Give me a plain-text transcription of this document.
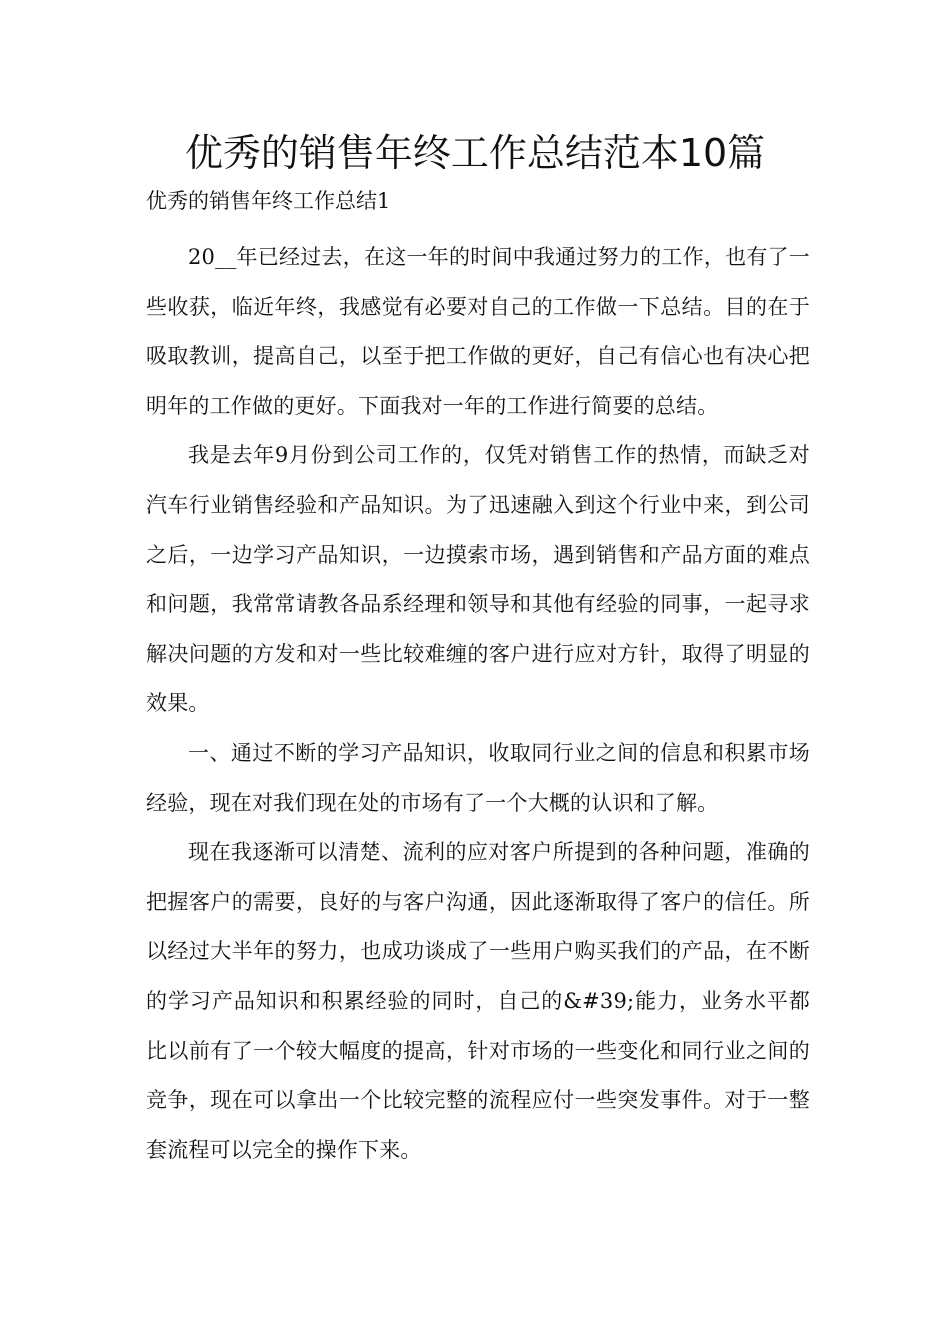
优秀的销售年终工作总结范本10篇
优秀的销售年终工作总结1

20__年已经过去，在这一年的时间中我通过努力的工作，也有了一些收获，临近年终，我感觉有必要对自己的工作做一下总结。目的在于吸取教训，提高自己，以至于把工作做的更好，自己有信心也有决心把明年的工作做的更好。下面我对一年的工作进行简要的总结。

我是去年9月份到公司工作的，仅凭对销售工作的热情，而缺乏对汽车行业销售经验和产品知识。为了迅速融入到这个行业中来，到公司之后，一边学习产品知识，一边摸索市场，遇到销售和产品方面的难点和问题，我常常请教各品系经理和领导和其他有经验的同事，一起寻求解决问题的方发和对一些比较难缠的客户进行应对方针，取得了明显的效果。

一、通过不断的学习产品知识，收取同行业之间的信息和积累市场经验，现在对我们现在处的市场有了一个大概的认识和了解。

现在我逐渐可以清楚、流利的应对客户所提到的各种问题，准确的把握客户的需要，良好的与客户沟通，因此逐渐取得了客户的信任。所以经过大半年的努力，也成功谈成了一些用户购买我们的产品，在不断的学习产品知识和积累经验的同时，自己的&#39;能力，业务水平都比以前有了一个较大幅度的提高，针对市场的一些变化和同行业之间的竞争，现在可以拿出一个比较完整的流程应付一些突发事件。对于一整套流程可以完全的操作下来。
